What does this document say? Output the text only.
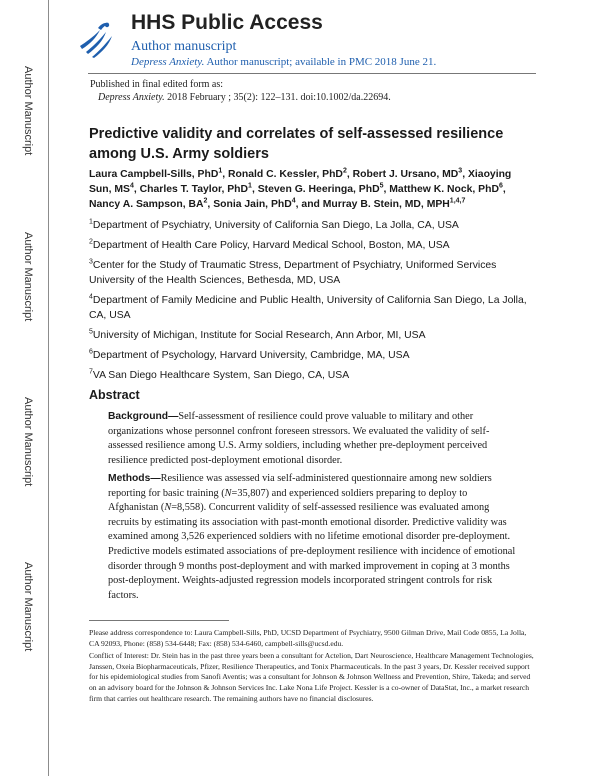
Author Manuscript
Author Manuscript
Author Manuscript
Author Manuscript
HHS Public Access
Author manuscript
Depress Anxiety. Author manuscript; available in PMC 2018 June 21.
Published in final edited form as:
Depress Anxiety. 2018 February ; 35(2): 122–131. doi:10.1002/da.22694.
Predictive validity and correlates of self-assessed resilience among U.S. Army soldiers
Laura Campbell-Sills, PhD$^1$, Ronald C. Kessler, PhD$^2$, Robert J. Ursano, $MD^3$, Xiaoying Sun, $MS^4$, Charles T. Taylor, PhD$^1$, Steven G. Heeringa, PhD$^5$, Matthew K. Nock, PhD$^6$, Nancy A. Sampson, $BA^2$, Sonia Jain, PhD$^4$, and Murray B. Stein, MD, MPH$^{1,4,7}$

$^1$Department of Psychiatry, University of California San Diego, La Jolla, CA, USA

$^2$Department of Health Care Policy, Harvard Medical School, Boston, MA, USA

$^3$Center for the Study of Traumatic Stress, Department of Psychiatry, Uniformed Services University of the Health Sciences, Bethesda, MD, USA

$^4$Department of Family Medicine and Public Health, University of California San Diego, La Jolla, CA, USA

$^5$University of Michigan, Institute for Social Research, Ann Arbor, MI, USA

$^6$Department of Psychology, Harvard University, Cambridge, MA, USA

$^7$VA San Diego Healthcare System, San Diego, CA, USA

Abstract

Background—Self-assessment of resilience could prove valuable to military and other organizations whose personnel confront foreseen stressors. We evaluated the validity of self-assessed resilience among U.S. Army soldiers, including whether pre-deployment perceived resilience predicted post-deployment emotional disorder.

Methods—Resilience was assessed via self-administered questionnaire among new soldiers reporting for basic training (N=35,807) and experienced soldiers preparing to deploy to Afghanistan (N=8,558). Concurrent validity of self-assessed resilience was evaluated among recruits by estimating its association with past-month emotional disorder. Predictive validity was examined among 3,526 experienced soldiers with no lifetime emotional disorder pre-deployment. Predictive models estimated associations of pre-deployment resilience with incidence of emotional disorder through 9 months post-deployment and with marked improvement in coping at 3 months post-deployment. Weights-adjusted regression models incorporated stringent controls for risk factors.

Please address correspondence to: Laura Campbell-Sills, PhD, UCSD Department of Psychiatry, 9500 Gilman Drive, Mail Code 0855, La Jolla, CA 92093, Phone: (858) 534-6448; Fax: (858) 534-6460, campbell-sills@ucsd.edu.

Conflict of Interest: Dr. Stein has in the past three years been a consultant for Actelion, Dart Neuroscience, Healthcare Management Technologies, Janssen, Oxeia Biopharmaceuticals, Pfizer, Resilience Therapeutics, and Tonix Pharmaceuticals. In the past 3 years, Dr. Kessler received support for his epidemiological studies from Sanofi Aventis; was a consultant for Johnson & Johnson Wellness and Prevention, Shire, Takeda; and served on an advisory board for the Johnson & Johnson Services Inc. Lake Nona Life Project. Kessler is a co-owner of DataStat, Inc., a market research firm that carries out healthcare research. The remaining authors have no financial disclosures.
